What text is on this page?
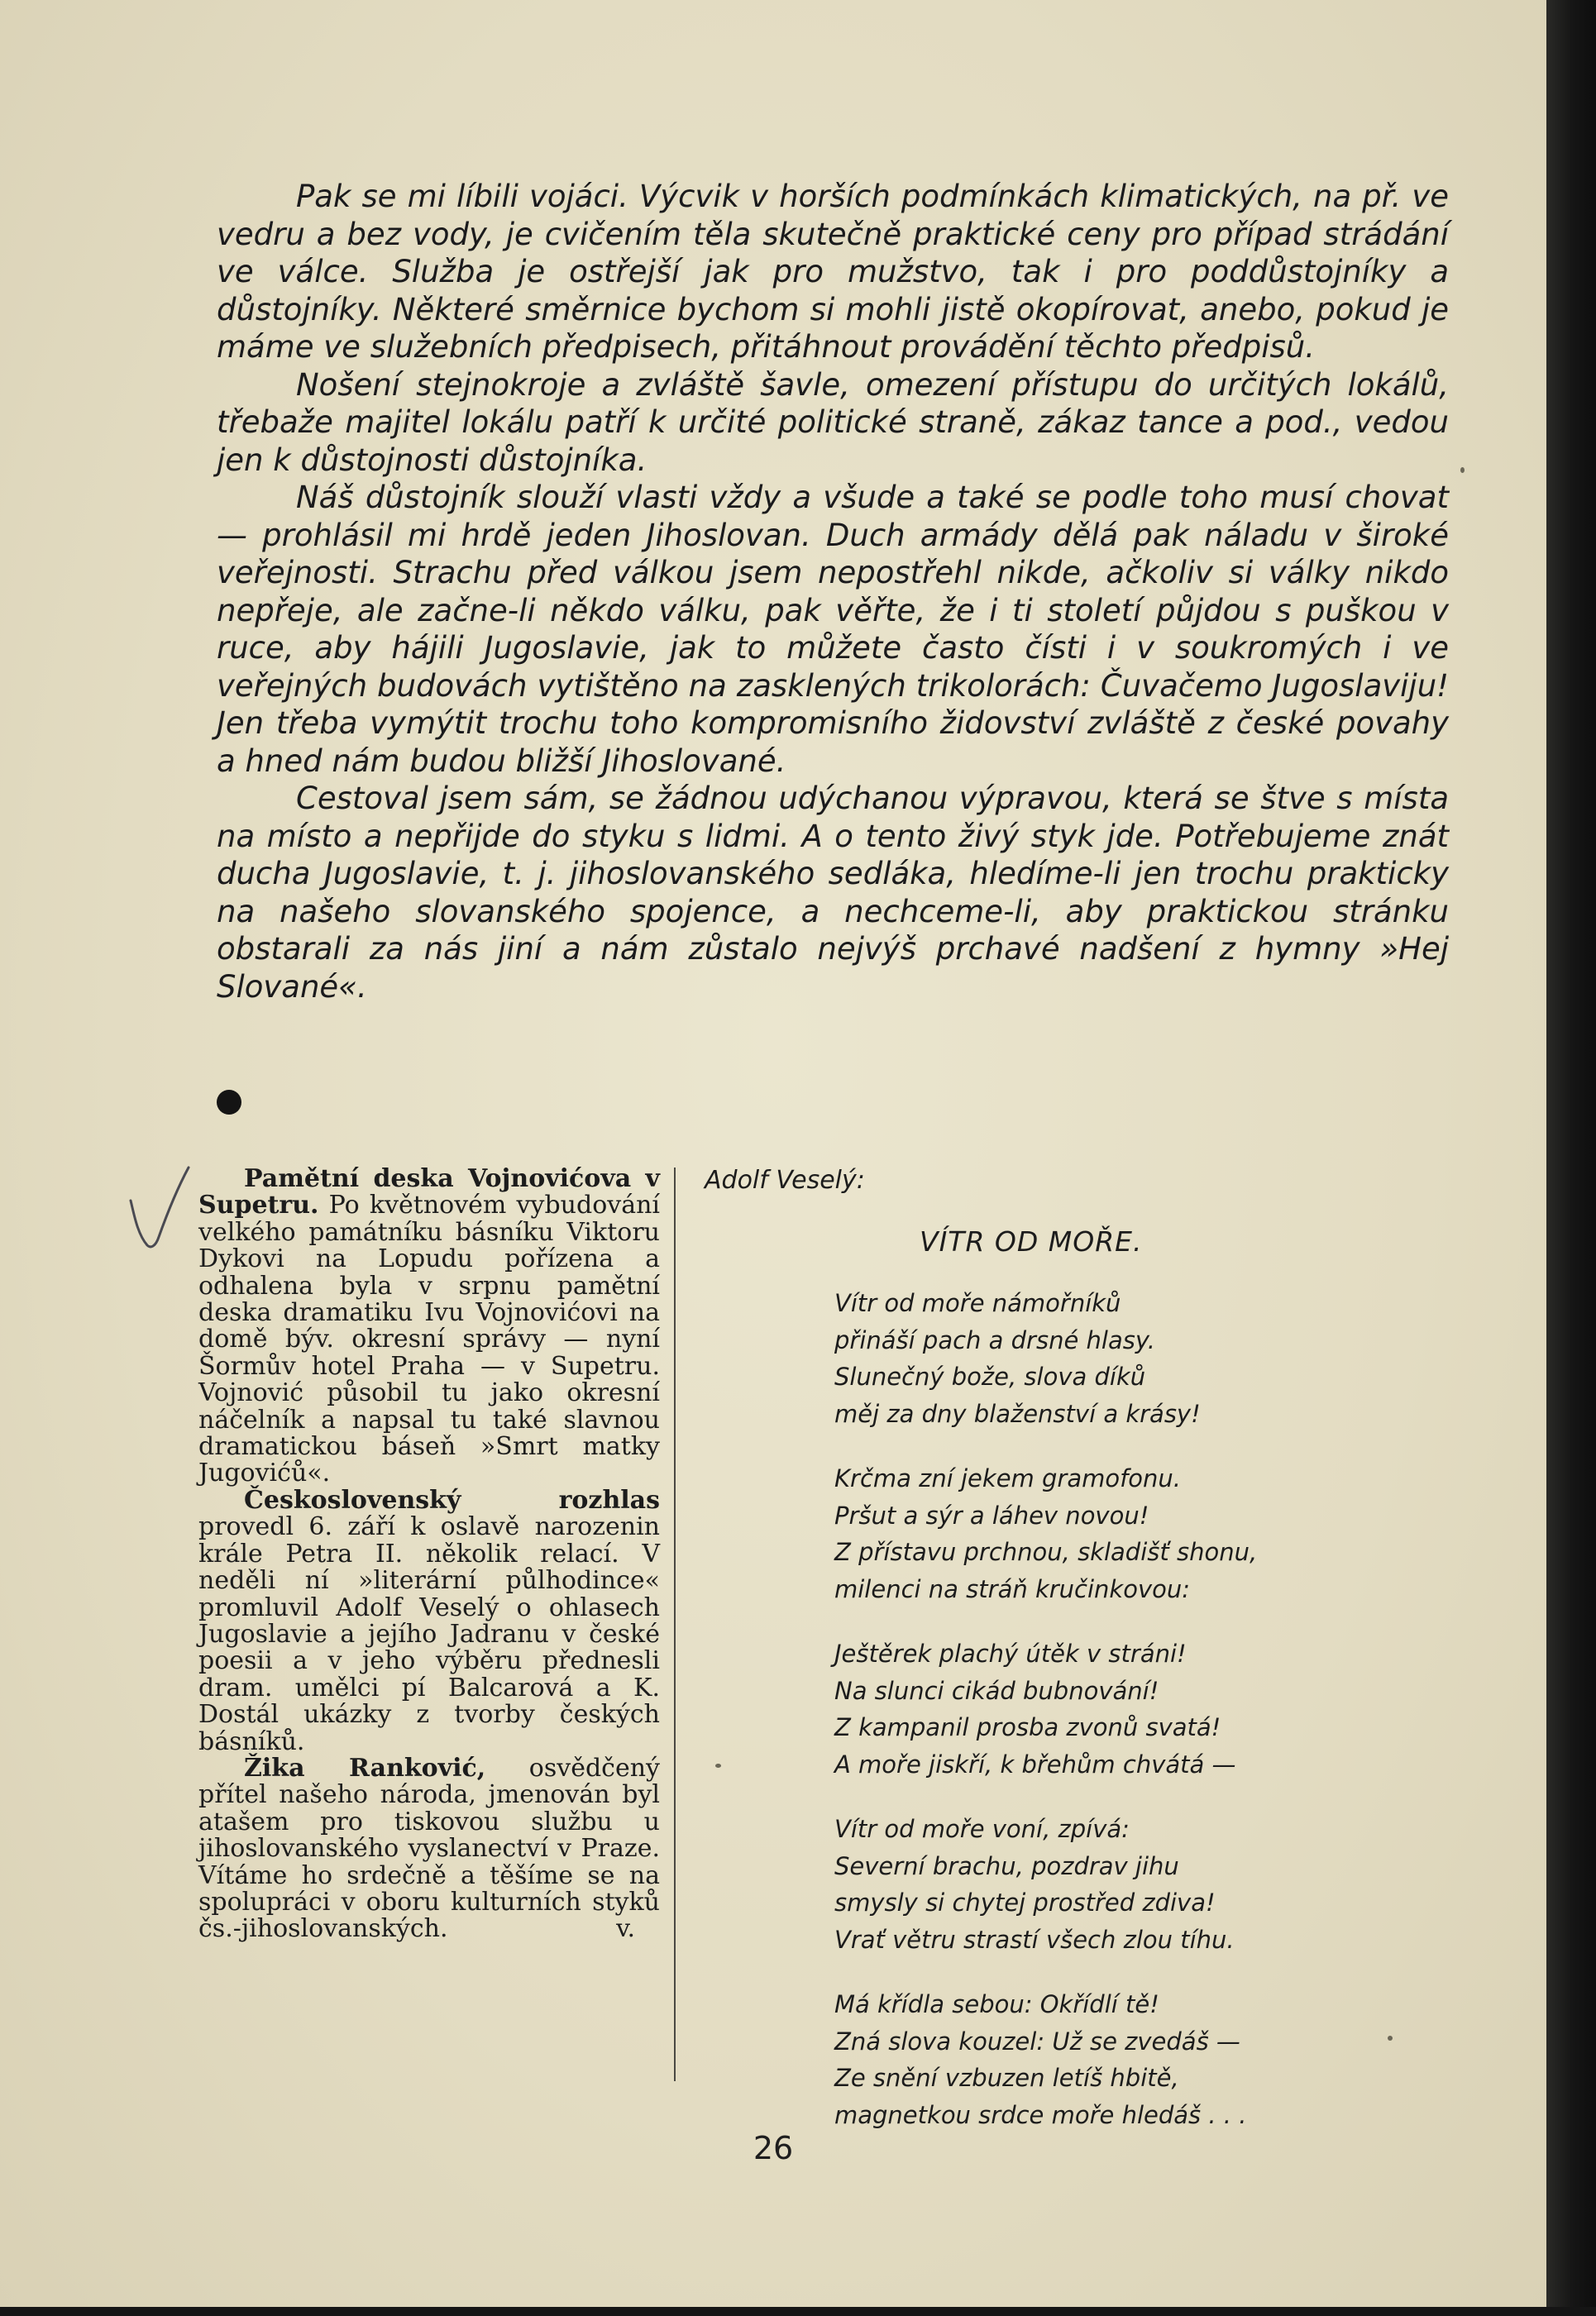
Pak se mi líbili vojáci. Výcvik v horších podmínkách klimatických, na př. ve vedru a bez vody, je cvičením těla skutečně praktické ceny pro případ strádání ve válce. Služba je ostřejší jak pro mužstvo, tak i pro poddůstojníky a důstojníky. Některé směrnice bychom si mohli jistě okopírovat, anebo, pokud je máme ve služebních předpisech, přitáhnout provádění těchto předpisů.

Nošení stejnokroje a zvláště šavle, omezení přístupu do určitých lokálů, třebaže majitel lokálu patří k určité politické straně, zákaz tance a pod., vedou jen k důstojnosti důstojníka.

Náš důstojník slouží vlasti vždy a všude a také se podle toho musí chovat — prohlásil mi hrdě jeden Jihoslovan. Duch armády dělá pak náladu v široké veřejnosti. Strachu před válkou jsem nepostřehl nikde, ačkoliv si války nikdo nepřeje, ale začne-li někdo válku, pak věřte, že i ti století půjdou s puškou v ruce, aby hájili Jugoslavie, jak to můžete často čísti i v soukromých i ve veřejných budovách vytištěno na zasklených trikolorách: Čuvačemo Jugoslaviju! Jen třeba vymýtit trochu toho kompromisního židovství zvláště z české povahy a hned nám budou bližší Jihoslované.

Cestoval jsem sám, se žádnou udýchanou výpravou, která se štve s místa na místo a nepřijde do styku s lidmi. A o tento živý styk jde. Potřebujeme znát ducha Jugoslavie, t. j. jihoslovanského sedláka, hledíme-li jen trochu prakticky na našeho slovanského spojence, a nechceme-li, aby praktickou stránku obstarali za nás jiní a nám zůstalo nejvýš prchavé nadšení z hymny »Hej Slované«.

Pamětní deska Vojnovićova v Supetru. Po květnovém vybudování velkého památníku básníku Viktoru Dykovi na Lopudu pořízena a odhalena byla v srpnu pamětní deska dramatiku Ivu Vojnovićovi na domě býv. okresní správy — nyní Šormův hotel Praha — v Supetru. Vojnović působil tu jako okresní náčelník a napsal tu také slavnou dramatickou báseň »Smrt matky Jugovićů«.

Československý rozhlas provedl 6. září k oslavě narozenin krále Petra II. několik relací. V neděli ní »literární půlhodince« promluvil Adolf Veselý o ohlasech Jugoslavie a jejího Jadranu v české poesii a v jeho výběru přednesli dram. umělci pí Balcarová a K. Dostál ukázky z tvorby českých básníků.

Žika Ranković, osvědčený přítel našeho národa, jmenován byl atašem pro tiskovou službu u jihoslovanského vyslanectví v Praze. Vítáme ho srdečně a těšíme se na spolupráci v oboru kulturních styků čs.-jihoslovanských.	v.

Adolf Veselý:

VÍTR OD MOŘE.

Vítr od moře námořníků
přináší pach a drsné hlasy.
Slunečný bože, slova díků
měj za dny blaženství a krásy!
Krčma zní jekem gramofonu.
Pršut a sýr a láhev novou!
Z přístavu prchnou, skladišť shonu,
milenci na stráň kručinkovou:
Ještěrek plachý útěk v stráni!
Na slunci cikád bubnování!
Z kampanil prosba zvonů svatá!
A moře jiskří, k břehům chvátá —
Vítr od moře voní, zpívá:
Severní brachu, pozdrav jihu
smysly si chytej prostřed zdiva!
Vrať větru strastí všech zlou tíhu.
Má křídla sebou: Okřídlí tě!
Zná slova kouzel: Už se zvedáš —
Ze snění vzbuzen letíš hbitě,
magnetkou srdce moře hledáš . . .
26
